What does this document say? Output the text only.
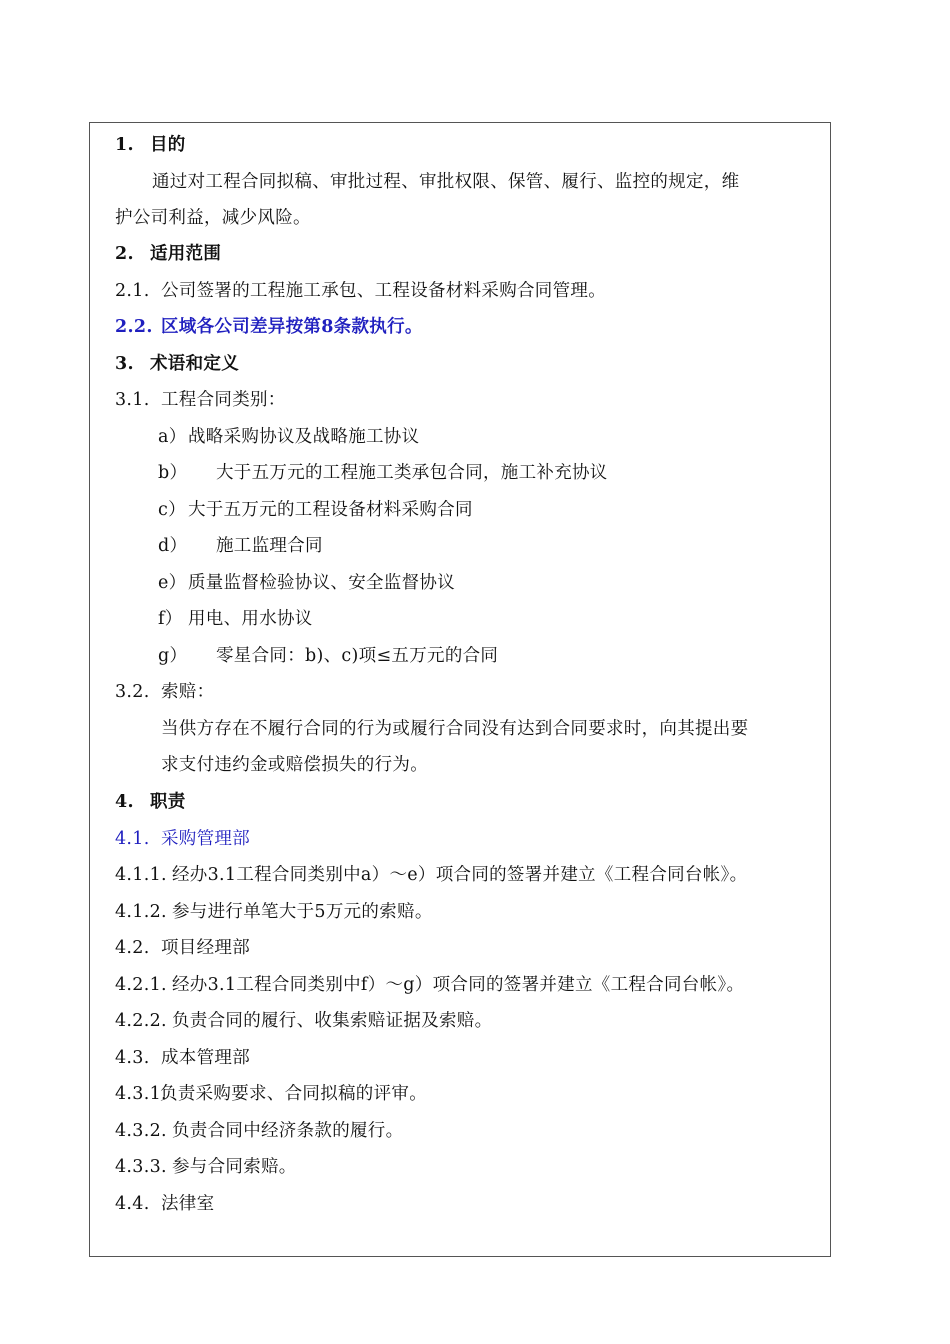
1. 目的
通过对工程合同拟稿、审批过程、审批权限、保管、履行、监控的规定，维
护公司利益，减少风险。
2. 适用范围
2.1. 公司签署的工程施工承包、工程设备材料采购合同管理。
2.2. 区域各公司差异按第8条款执行。
3. 术语和定义
3.1. 工程合同类别：
a） 战略采购协议及战略施工协议
b） 大于五万元的工程施工类承包合同，施工补充协议
c） 大于五万元的工程设备材料采购合同
d） 施工监理合同
e） 质量监督检验协议、安全监督协议
f） 用电、用水协议
g） 零星合同：b)、c)项≤五万元的合同
3.2. 索赔：
当供方存在不履行合同的行为或履行合同没有达到合同要求时，向其提出要
求支付违约金或赔偿损失的行为。
4. 职责
4.1. 采购管理部
4.1.1. 经办3.1工程合同类别中a）～e）项合同的签署并建立《工程合同台帐》。
4.1.2. 参与进行单笔大于5万元的索赔。
4.2. 项目经理部
4.2.1. 经办3.1工程合同类别中f）～g）项合同的签署并建立《工程合同台帐》。
4.2.2. 负责合同的履行、收集索赔证据及索赔。
4.3. 成本管理部
4.3.1.
负责采购要求、合同拟稿的评审。
4.3.2. 负责合同中经济条款的履行。
4.3.3. 参与合同索赔。
4.4. 法律室
